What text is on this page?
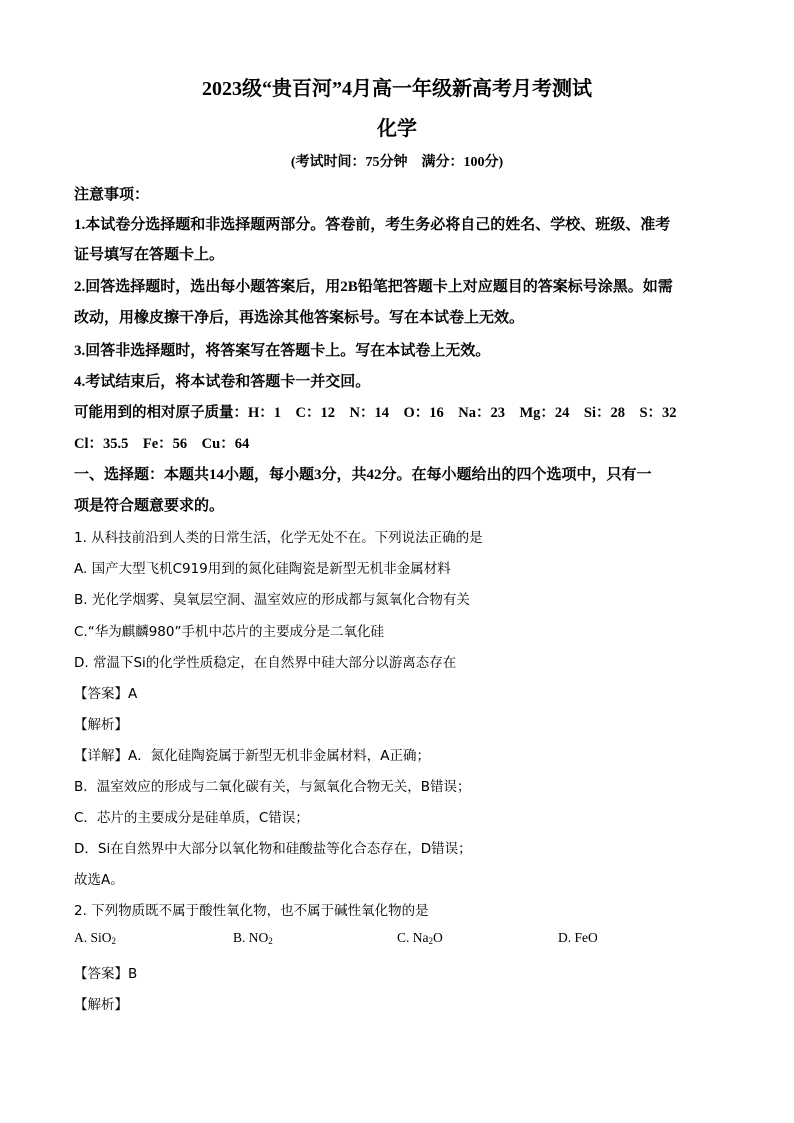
2023级“贵百河”4月高一年级新高考月考测试
化学
(考试时间：75分钟　满分：100分)
注意事项：
1.本试卷分选择题和非选择题两部分。答卷前，考生务必将自己的姓名、学校、班级、准考
证号填写在答题卡上。
2.回答选择题时，选出每小题答案后，用2B铅笔把答题卡上对应题目的答案标号涂黑。如需
改动，用橡皮擦干净后，再选涂其他答案标号。写在本试卷上无效。
3.回答非选择题时，将答案写在答题卡上。写在本试卷上无效。
4.考试结束后，将本试卷和答题卡一并交回。
可能用到的相对原子质量：H：1　C：12　N：14　O：16　Na：23　Mg：24　Si：28　S：32
Cl：35.5　Fe：56　Cu：64
一、选择题：本题共14小题，每小题3分，共42分。在每小题给出的四个选项中，只有一
项是符合题意要求的。
1. 从科技前沿到人类的日常生活，化学无处不在。下列说法正确的是
A. 国产大型飞机C919用到的氮化硅陶瓷是新型无机非金属材料
B. 光化学烟雾、臭氧层空洞、温室效应的形成都与氮氧化合物有关
C.“华为麒麟980”手机中芯片的主要成分是二氧化硅
D. 常温下Si的化学性质稳定，在自然界中硅大部分以游离态存在
【答案】A
【解析】
【详解】A．氮化硅陶瓷属于新型无机非金属材料，A正确；
B．温室效应的形成与二氧化碳有关，与氮氧化合物无关，B错误；
C．芯片的主要成分是硅单质，C错误；
D．Si在自然界中大部分以氧化物和硅酸盐等化合态存在，D错误；
故选A。
2. 下列物质既不属于酸性氧化物，也不属于碱性氧化物的是
A. SiO$_2$	B. $NO_2$	C. $Na_2O$	D. FeO
【答案】B
【解析】
